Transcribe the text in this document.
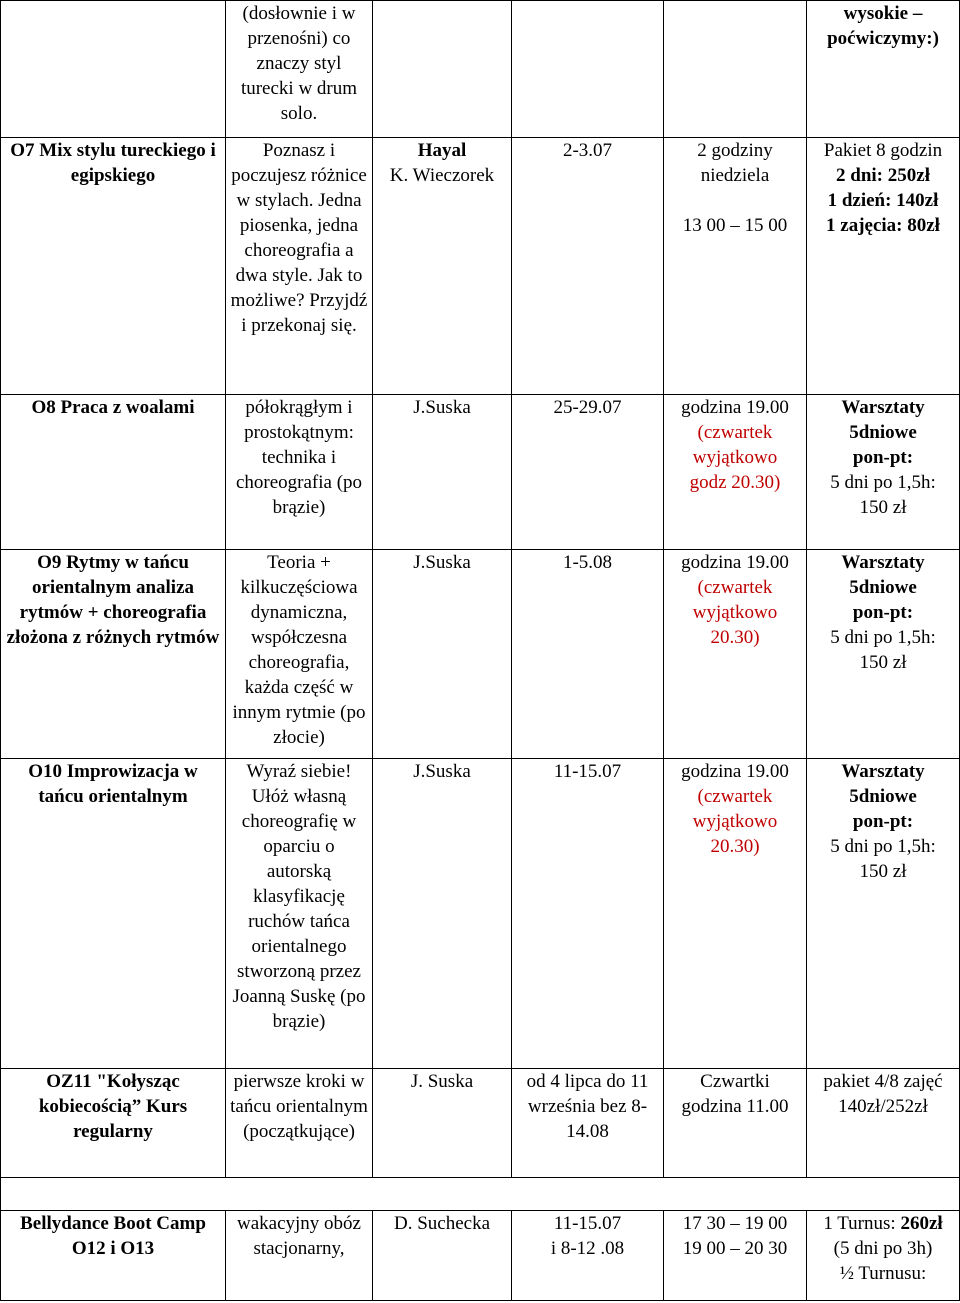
	(dosłownie i w przenośni) co znaczy styl turecki w drum solo.				wysokie –
poćwiczymy:)

O7 Mix stylu tureckiego i egipskiego	Poznasz i poczujesz różnice w stylach. Jedna piosenka, jedna choreografia a dwa style. Jak to możliwe? Przyjdź i przekonaj się.	Hayal
K. Wieczorek	2-3.07	2 godziny
niedziela
13 00 – 15 00	Pakiet 8 godzin
2 dni: 250zł
1 dzień: 140zł
1 zajęcia: 80zł

O8 Praca z woalami	półokrągłym i prostokątnym: technika i choreografia (po brązie)	J.Suska	25-29.07	godzina 19.00
(czwartek
wyjątkowo
godz 20.30)	Warsztaty
5dniowe
pon-pt:
5 dni po 1,5h:
150 zł

O9 Rytmy w tańcu orientalnym analiza rytmów + choreografia złożona z różnych rytmów	Teoria + kilkuczęściowa dynamiczna, współczesna choreografia, każda część w innym rytmie (po złocie)	J.Suska	1-5.08	godzina 19.00
(czwartek
wyjątkowo
20.30)	Warsztaty
5dniowe
pon-pt:
5 dni po 1,5h:
150 zł

O10 Improwizacja w tańcu orientalnym	Wyraź siebie! Ułóż własną choreografię w oparciu o autorską klasyfikację ruchów tańca orientalnego stworzoną przez Joanną Suskę (po brązie)	J.Suska	11-15.07	godzina 19.00
(czwartek
wyjątkowo
20.30)	Warsztaty
5dniowe
pon-pt:
5 dni po 1,5h:
150 zł

OZ11 "Kołysząc kobiecością” Kurs regularny	pierwsze kroki w tańcu orientalnym (początkujące)	J. Suska	od 4 lipca do 11 września bez 8-14.08	Czwartki
godzina 11.00	pakiet 4/8 zajęć
140zł/252zł

Bellydance Boot Camp O12 i O13	wakacyjny obóz stacjonarny,	D. Suchecka	11-15.07
i 8-12 .08	17 30 – 19 00
19 00 – 20 30	1 Turnus: 260zł
(5 dni po 3h)
½ Turnusu:
